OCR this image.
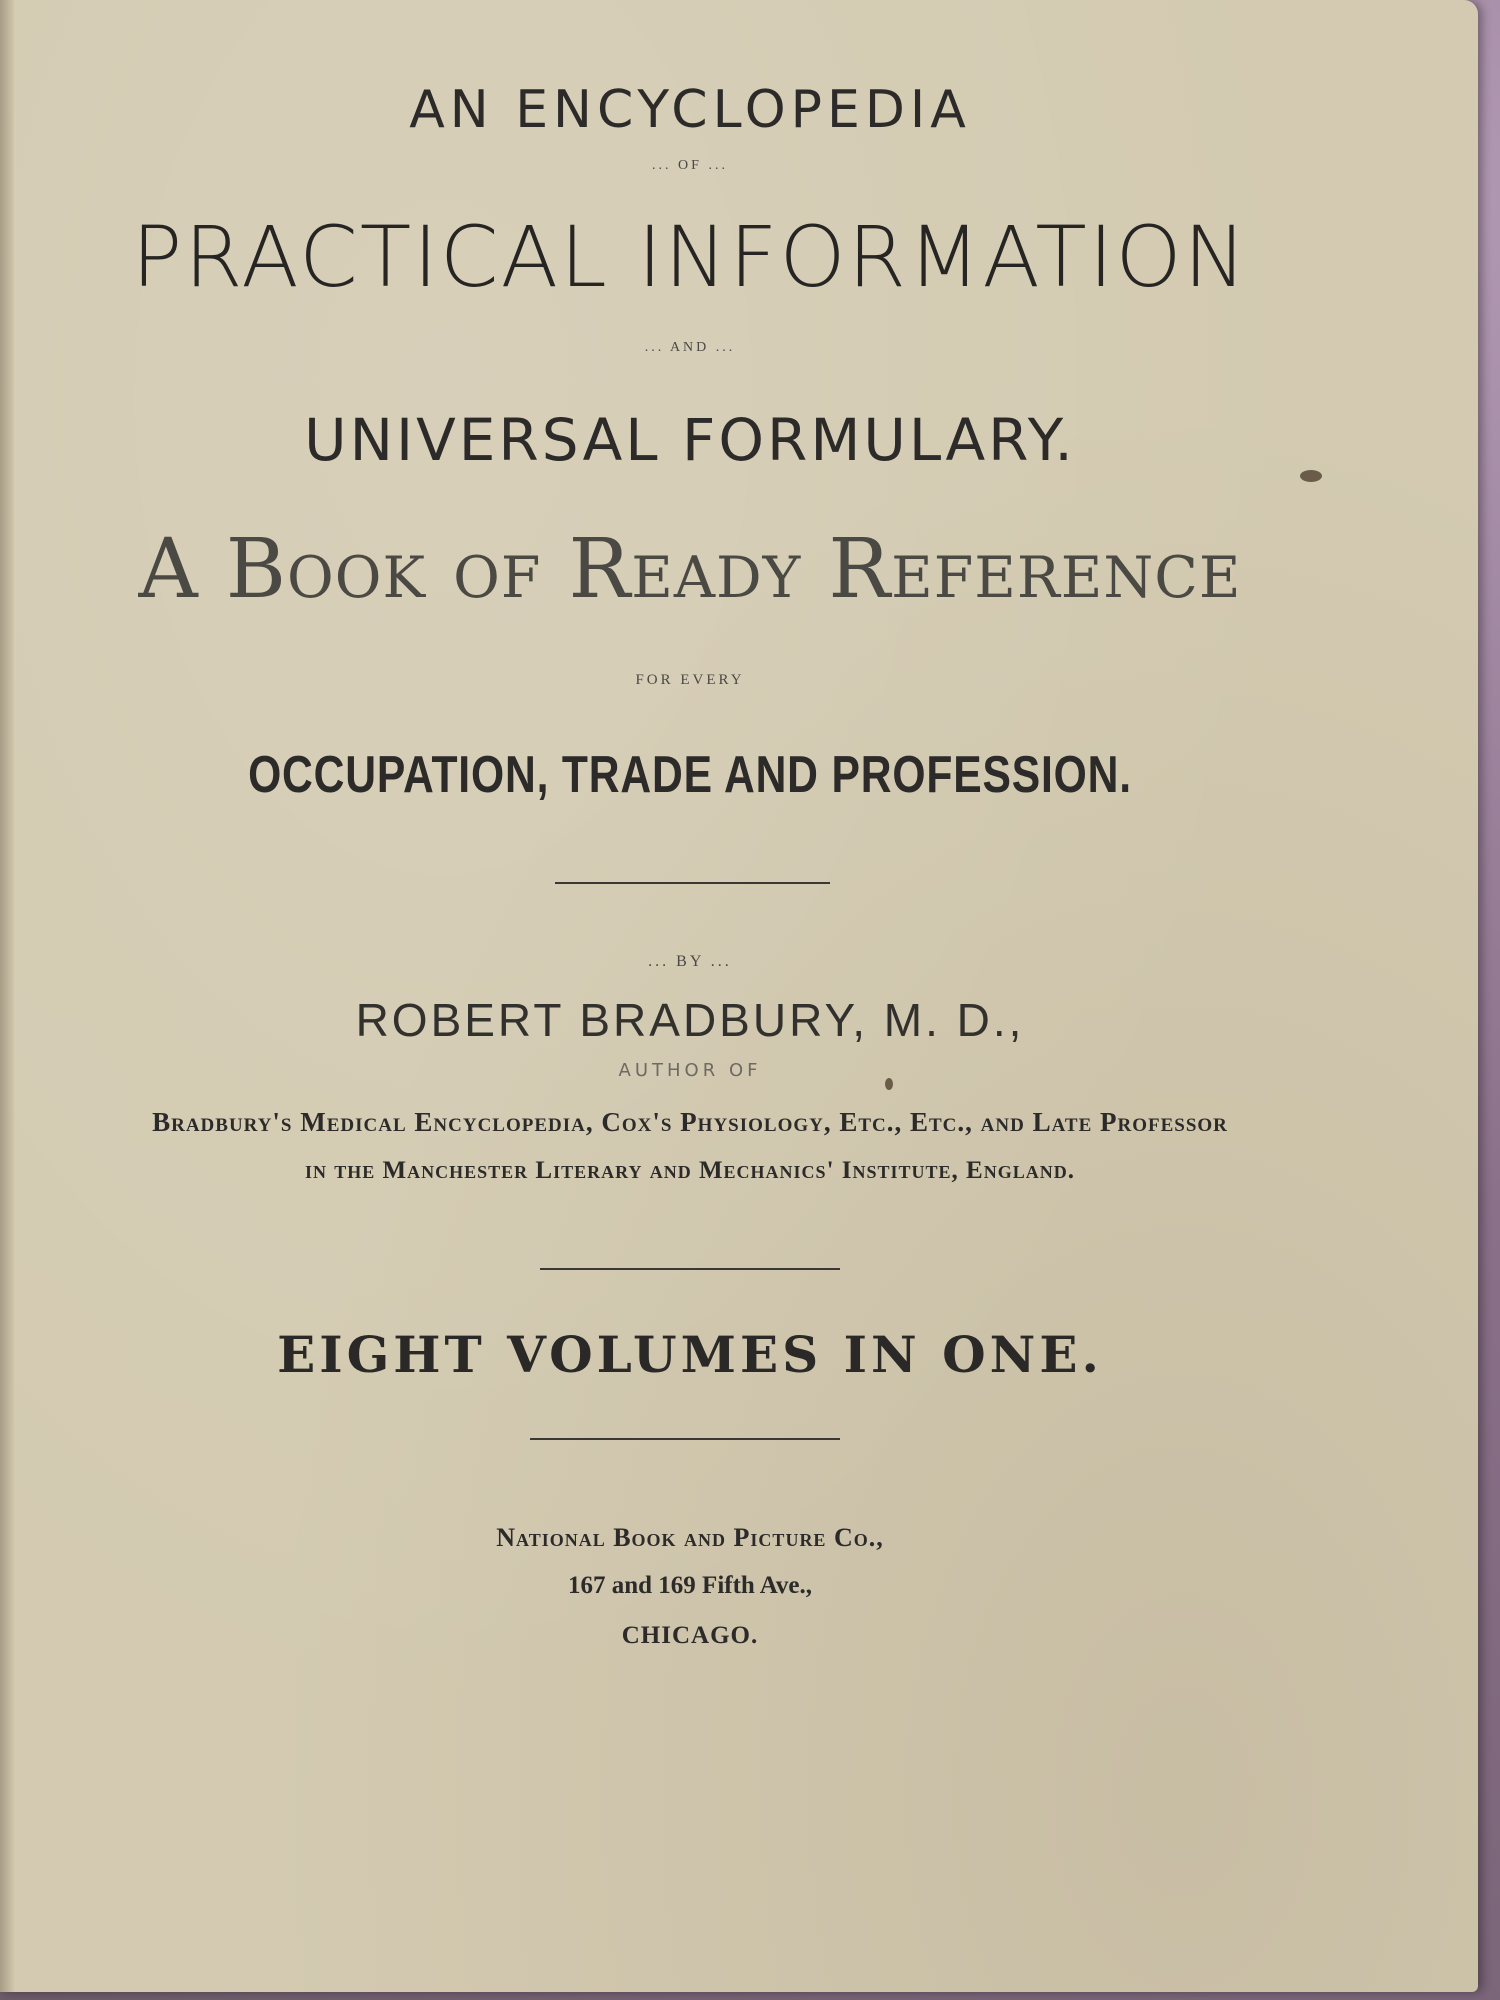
AN ENCYCLOPEDIA
... OF ...
PRACTICAL INFORMATION
... AND ...
UNIVERSAL FORMULARY.
A Book of Ready Reference
FOR EVERY
OCCUPATION, TRADE AND PROFESSION.
... BY ...
ROBERT BRADBURY, M. D.,
AUTHOR OF
Bradbury's Medical Encyclopedia, Cox's Physiology, Etc., Etc., and Late Professor
in the Manchester Literary and Mechanics' Institute, England.
EIGHT VOLUMES IN ONE.
National Book and Picture Co.,
167 and 169 Fifth Ave.,
CHICAGO.
